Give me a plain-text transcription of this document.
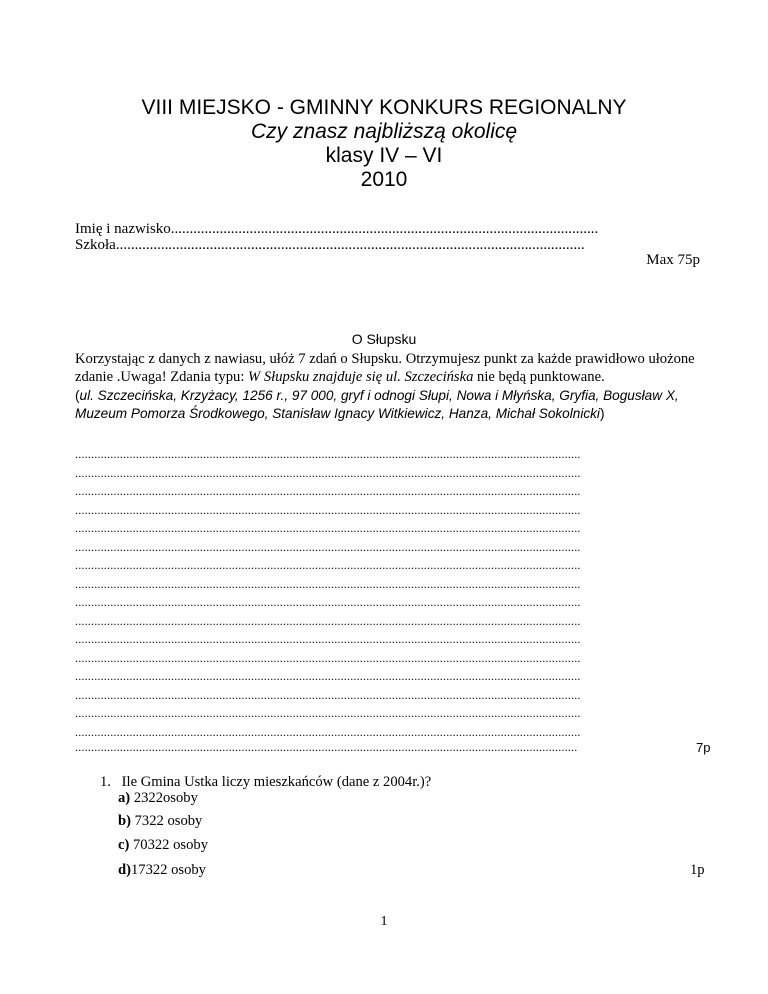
VIII MIEJSKO - GMINNY KONKURS REGIONALNY
Czy znasz najbliższą okolicę
klasy IV – VI
2010
Imię i nazwisko..................................................................................................................
Szkoła.............................................................................................................................
Max 75p
O Słupsku
Korzystając z danych z nawiasu, ułóż 7 zdań o Słupsku. Otrzymujesz punkt za każde prawidłowo ułożone zdanie .Uwaga! Zdania typu: W Słupsku znajduje się ul. Szczecińska nie będą punktowane.
(ul. Szczecińska, Krzyżacy, 1256 r., 97 000, gryf i odnogi Słupi, Nowa i Młyńska, Gryfia, Bogusław X, Muzeum Pomorza Środkowego, Stanisław Ignacy Witkiewicz, Hanza, Michał Sokolnicki)
..............................................................................................................................................................
..............................................................................................................................................................
..............................................................................................................................................................
..............................................................................................................................................................
..............................................................................................................................................................
..............................................................................................................................................................
..............................................................................................................................................................
..............................................................................................................................................................
..............................................................................................................................................................
..............................................................................................................................................................
..............................................................................................................................................................
..............................................................................................................................................................
..............................................................................................................................................................
..............................................................................................................................................................
..............................................................................................................................................................
..............................................................................................................................................................
.............................................................................................................................................................	7p
1. Ile Gmina Ustka liczy mieszkańców (dane z 2004r.)?
a) 2322osoby
b) 7322 osoby
c) 70322 osoby
d)17322 osoby	1p
1
